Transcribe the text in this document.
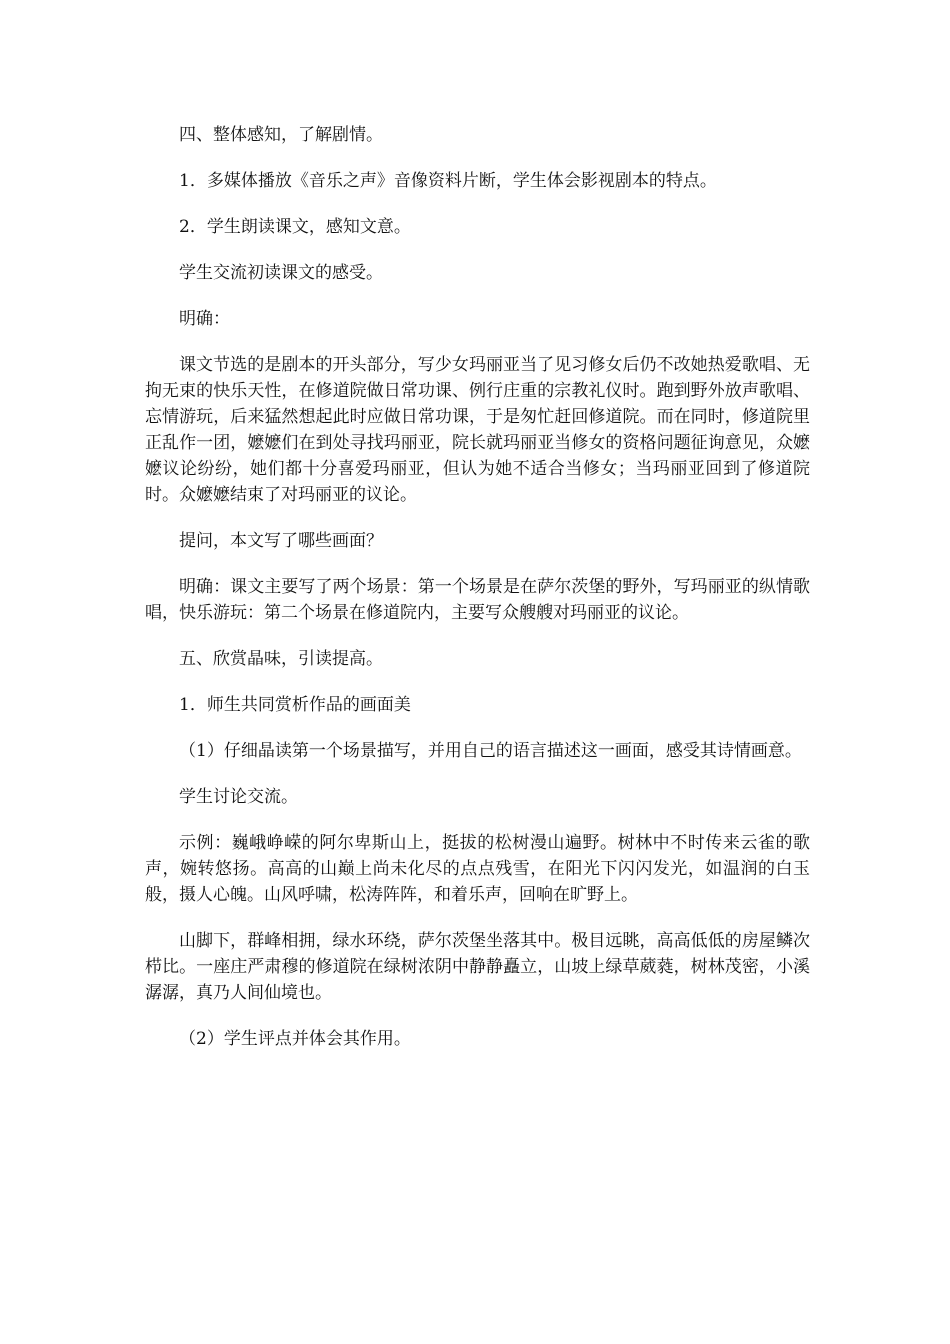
四、整体感知，了解剧情。

1．多媒体播放《音乐之声》音像资料片断，学生体会影视剧本的特点。

2．学生朗读课文，感知文意。

学生交流初读课文的感受。

明确：

课文节选的是剧本的开头部分，写少女玛丽亚当了见习修女后仍不改她热爱歌唱、无拘无束的快乐天性，在修道院做日常功课、例行庄重的宗教礼仪时。跑到野外放声歌唱、忘情游玩，后来猛然想起此时应做日常功课，于是匆忙赶回修道院。而在同时，修道院里正乱作一团，嬷嬷们在到处寻找玛丽亚，院长就玛丽亚当修女的资格问题征询意见，众嬷嬷议论纷纷，她们都十分喜爱玛丽亚，但认为她不适合当修女；当玛丽亚回到了修道院时。众嬷嬷结束了对玛丽亚的议论。

提问，本文写了哪些画面？

明确：课文主要写了两个场景：第一个场景是在萨尔茨堡的野外，写玛丽亚的纵情歌唱，快乐游玩：第二个场景在修道院内，主要写众艘艘对玛丽亚的议论。

五、欣赏晶味，引读提高。

1．师生共同赏析作品的画面美

（1）仔细晶读第一个场景描写，并用自己的语言描述这一画面，感受其诗情画意。

学生讨论交流。

示例：巍峨峥嵘的阿尔卑斯山上，挺拔的松树漫山遍野。树林中不时传来云雀的歌声，婉转悠扬。高高的山巅上尚未化尽的点点残雪，在阳光下闪闪发光，如温润的白玉般，摄人心魄。山风呼啸，松涛阵阵，和着乐声，回响在旷野上。

山脚下，群峰相拥，绿水环绕，萨尔茨堡坐落其中。极目远眺，高高低低的房屋鳞次栉比。一座庄严肃穆的修道院在绿树浓阴中静静矗立，山坡上绿草葳蕤，树林茂密，小溪潺潺，真乃人间仙境也。

（2）学生评点并体会其作用。
